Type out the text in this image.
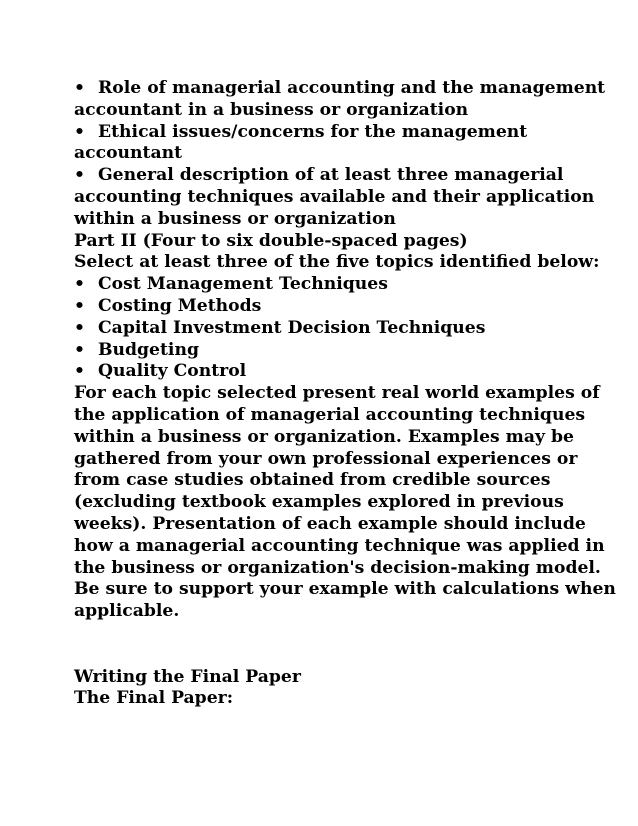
• Role of managerial accounting and the management
accountant in a business or organization
• Ethical issues/concerns for the management
accountant
• General description of at least three managerial
accounting techniques available and their application
within a business or organization
Part II (Four to six double-spaced pages)
Select at least three of the five topics identified below:
• Cost Management Techniques
• Costing Methods
• Capital Investment Decision Techniques
• Budgeting
• Quality Control
For each topic selected present real world examples of
the application of managerial accounting techniques
within a business or organization. Examples may be
gathered from your own professional experiences or
from case studies obtained from credible sources
(excluding textbook examples explored in previous
weeks). Presentation of each example should include
how a managerial accounting technique was applied in
the business or organization's decision-making model.
Be sure to support your example with calculations when
applicable.
Writing the Final Paper
The Final Paper:
